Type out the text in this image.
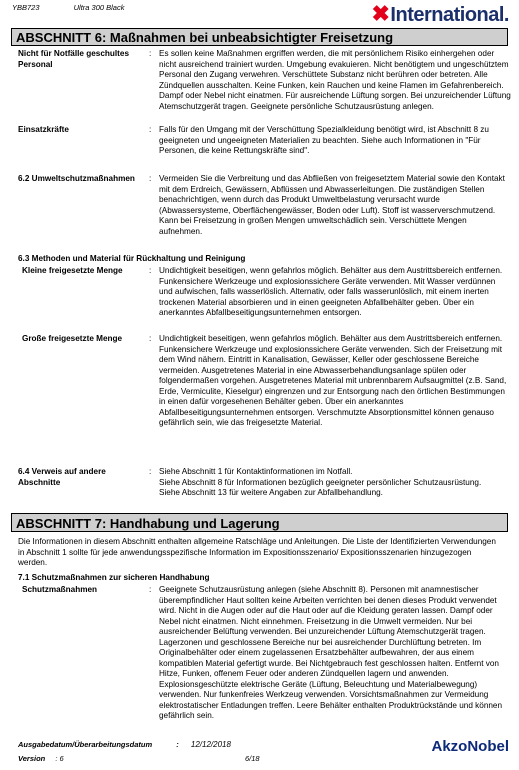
YBB723	Ultra 300 Black	✖International.
ABSCHNITT 6: Maßnahmen bei unbeabsichtigter Freisetzung
Nicht für Notfälle geschultes Personal
: Es sollen keine Maßnahmen ergriffen werden, die mit persönlichem Risiko einhergehen oder nicht ausreichend trainiert wurden. Umgebung evakuieren. Nicht benötigtem und ungeschütztem Personal den Zugang verwehren. Verschüttete Substanz nicht berühren oder betreten. Alle Zündquellen ausschalten. Keine Funken, kein Rauchen und keine Flamen im Gefahrenbereich. Dampf oder Nebel nicht einatmen. Für ausreichende Lüftung sorgen. Bei unzureichender Lüftung Atemschutzgerät tragen. Geeignete persönliche Schutzausrüstung anlegen.
Einsatzkräfte	: Falls für den Umgang mit der Verschüttung Spezialkleidung benötigt wird, ist Abschnitt 8 zu geeigneten und ungeeigneten Materialien zu beachten. Siehe auch Informationen in "Für Personen, die keine Rettungskräfte sind".
6.2 Umweltschutzmaßnahmen : Vermeiden Sie die Verbreitung und das Abfließen von freigesetztem Material sowie den Kontakt mit dem Erdreich, Gewässern, Abflüssen und Abwasserleitungen. Die zuständigen Stellen benachrichtigen, wenn durch das Produkt Umweltbelastung verursacht wurde (Abwassersysteme, Oberflächengewässer, Boden oder Luft). Stoff ist wasserverschmutzend. Kann bei Freisetzung in großen Mengen umweltschädlich sein. Verschüttete Mengen aufnehmen.
6.3 Methoden und Material für Rückhaltung und Reinigung
Kleine freigesetzte Menge	: Undichtigkeit beseitigen, wenn gefahrlos möglich. Behälter aus dem Austrittsbereich entfernen. Funkensichere Werkzeuge und explosionssichere Geräte verwenden. Mit Wasser verdünnen und aufwischen, falls wasserlöslich. Alternativ, oder falls wasserunlöslich, mit einem inerten trockenen Material absorbieren und in einen geeigneten Abfallbehälter geben. Über ein anerkanntes Abfallbeseitigungsunternehmen entsorgen.
Große freigesetzte Menge	: Undichtigkeit beseitigen, wenn gefahrlos möglich. Behälter aus dem Austrittsbereich entfernen. Funkensichere Werkzeuge und explosionssichere Geräte verwenden. Sich der Freisetzung mit dem Wind nähern. Eintritt in Kanalisation, Gewässer, Keller oder geschlossene Bereiche vermeiden. Ausgetretenes Material in eine Abwasserbehandlungsanlage spülen oder folgendermaßen vorgehen. Ausgetretenes Material mit unbrennbarem Aufsaugmittel (z.B. Sand, Erde, Vermiculite, Kieselgur) eingrenzen und zur Entsorgung nach den örtlichen Bestimmungen in einen dafür vorgesehenen Behälter geben. Über ein anerkanntes Abfallbeseitigungsunternehmen entsorgen. Verschmutzte Absorptionsmittel können genauso gefährlich sein, wie das freigesetzte Material.
6.4 Verweis auf andere Abschnitte
: Siehe Abschnitt 1 für Kontaktinformationen im Notfall.
Siehe Abschnitt 8 für Informationen bezüglich geeigneter persönlicher Schutzausrüstung.
Siehe Abschnitt 13 für weitere Angaben zur Abfallbehandlung.
ABSCHNITT 7: Handhabung und Lagerung
Die Informationen in diesem Abschnitt enthalten allgemeine Ratschläge und Anleitungen. Die Liste der Identifizierten Verwendungen in Abschnitt 1 sollte für jede anwendungsspezifische Information im Expositionsszenario/ Expositionsszenarien hinzugezogen werden.
7.1 Schutzmaßnahmen zur sicheren Handhabung
Schutzmaßnahmen	: Geeignete Schutzausrüstung anlegen (siehe Abschnitt 8). Personen mit anamnestischer überempfindlicher Haut sollten keine Arbeiten verrichten bei denen dieses Produkt verwendet wird. Nicht in die Augen oder auf die Haut oder auf die Kleidung geraten lassen. Dampf oder Nebel nicht einatmen. Nicht einnehmen. Freisetzung in die Umwelt vermeiden. Nur bei ausreichender Belüftung verwenden. Bei unzureichender Lüftung Atemschutzgerät tragen. Lagerzonen und geschlossene Bereiche nur bei ausreichender Durchlüftung betreten. Im Originalbehälter oder einem zugelassenen Ersatzbehälter aufbewahren, der aus einem kompatiblen Material gefertigt wurde. Bei Nichtgebrauch fest geschlossen halten. Entfernt von Hitze, Funken, offenem Feuer oder anderen Zündquellen lagern und anwenden. Explosionsgeschützte elektrische Geräte (Lüftung, Beleuchtung und Materialbewegung) verwenden. Nur funkenfreies Werkzeug verwenden. Vorsichtsmaßnahmen zur Vermeidung elektrostatischer Entladungen treffen. Leere Behälter enthalten Produktrückstände und können gefährlich sein.
Ausgabedatum/Überarbeitungsdatum	: 12/12/2018
Version : 6	6/18
AkzoNobel
